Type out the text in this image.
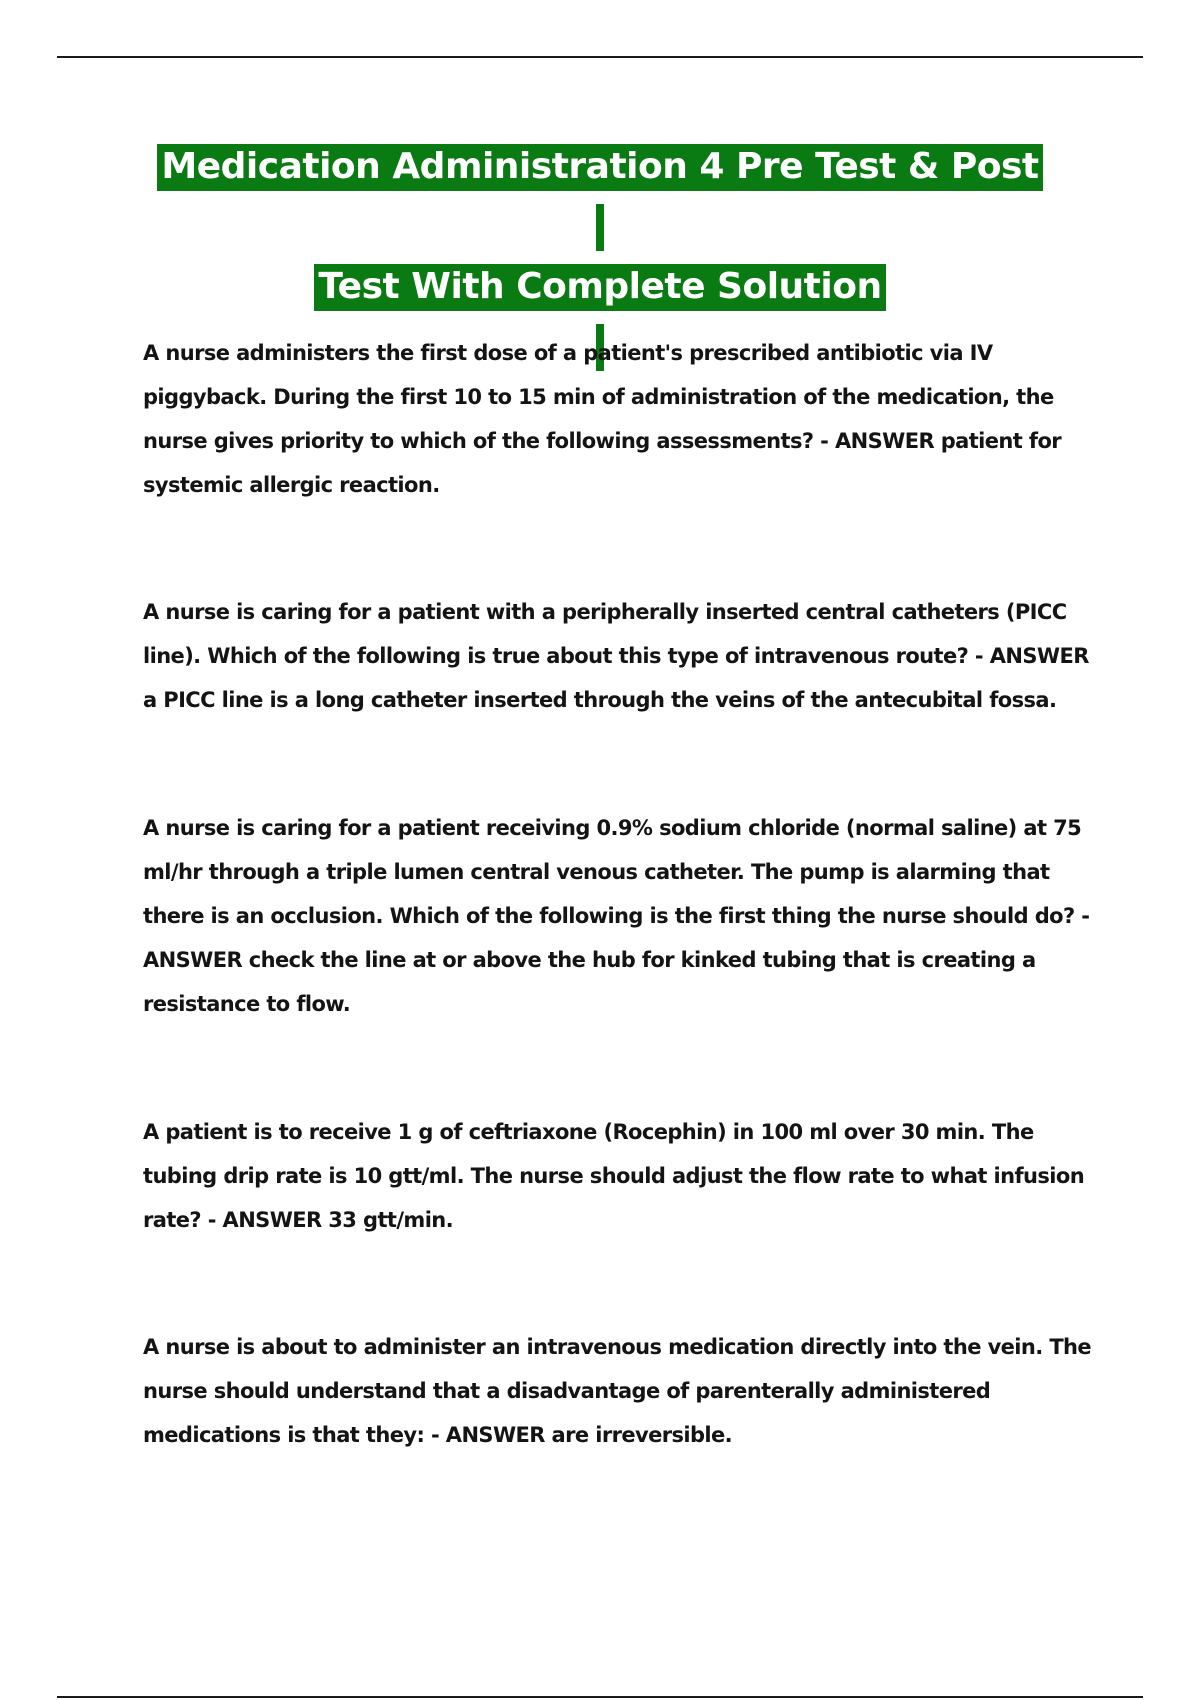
Medication Administration 4 Pre Test & Post
Test With Complete Solution

A nurse administers the first dose of a patient's prescribed antibiotic via IV piggyback. During the first 10 to 15 min of administration of the medication, the nurse gives priority to which of the following assessments? - ANSWER patient for systemic allergic reaction.

A nurse is caring for a patient with a peripherally inserted central catheters (PICC line). Which of the following is true about this type of intravenous route? - ANSWER a PICC line is a long catheter inserted through the veins of the antecubital fossa.

A nurse is caring for a patient receiving 0.9% sodium chloride (normal saline) at 75 ml/hr through a triple lumen central venous catheter. The pump is alarming that there is an occlusion. Which of the following is the first thing the nurse should do? - ANSWER check the line at or above the hub for kinked tubing that is creating a resistance to flow.

A patient is to receive 1 g of ceftriaxone (Rocephin) in 100 ml over 30 min. The tubing drip rate is 10 gtt/ml. The nurse should adjust the flow rate to what infusion rate? - ANSWER 33 gtt/min.

A nurse is about to administer an intravenous medication directly into the vein. The nurse should understand that a disadvantage of parenterally administered medications is that they: - ANSWER are irreversible.
